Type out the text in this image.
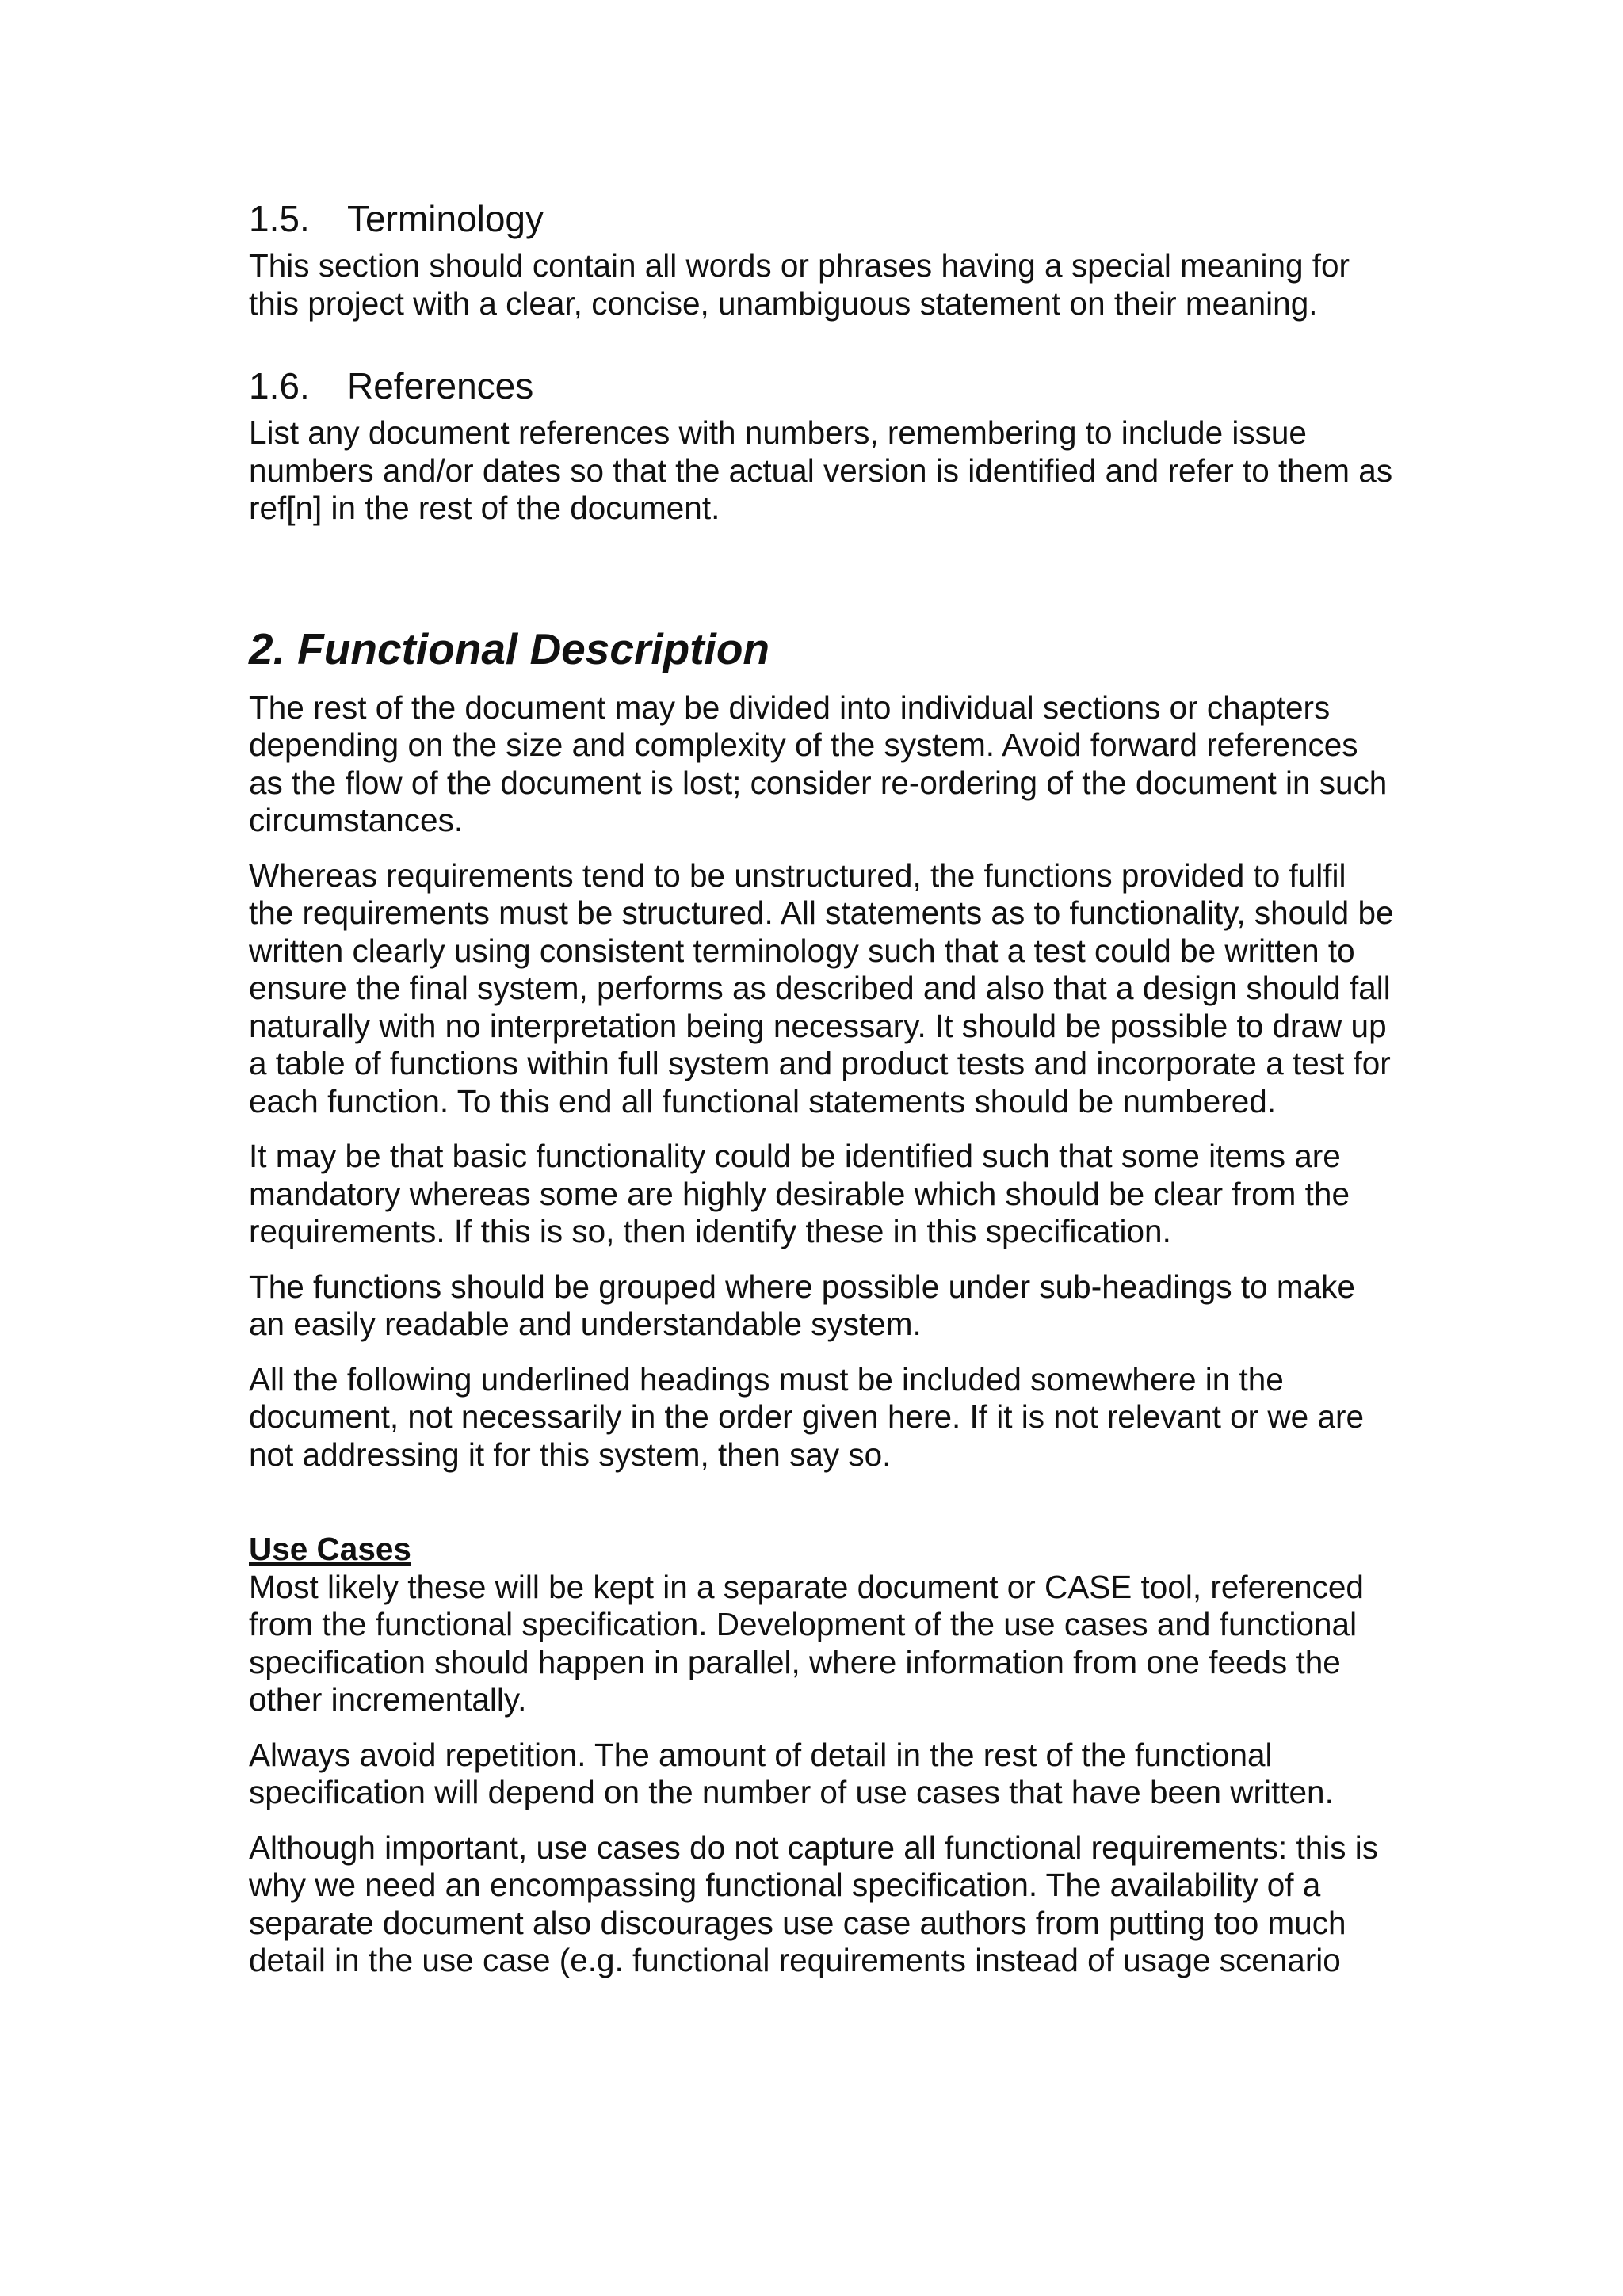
1.5. Terminology

This section should contain all words or phrases having a special meaning for this project with a clear, concise, unambiguous statement on their meaning.

1.6. References

List any document references with numbers, remembering to include issue numbers and/or dates so that the actual version is identified and refer to them as ref[n] in the rest of the document.

2. Functional Description

The rest of the document may be divided into individual sections or chapters depending on the size and complexity of the system. Avoid forward references as the flow of the document is lost; consider re-ordering of the document in such circumstances.

Whereas requirements tend to be unstructured, the functions provided to fulfil the requirements must be structured. All statements as to functionality, should be written clearly using consistent terminology such that a test could be written to ensure the final system, performs as described and also that a design should fall naturally with no interpretation being necessary. It should be possible to draw up a table of functions within full system and product tests and incorporate a test for each function. To this end all functional statements should be numbered.

It may be that basic functionality could be identified such that some items are mandatory whereas some are highly desirable which should be clear from the requirements. If this is so, then identify these in this specification.

The functions should be grouped where possible under sub-headings to make an easily readable and understandable system.

All the following underlined headings must be included somewhere in the document, not necessarily in the order given here. If it is not relevant or we are not addressing it for this system, then say so.

Use Cases

Most likely these will be kept in a separate document or CASE tool, referenced from the functional specification. Development of the use cases and functional specification should happen in parallel, where information from one feeds the other incrementally.

Always avoid repetition. The amount of detail in the rest of the functional specification will depend on the number of use cases that have been written.

Although important, use cases do not capture all functional requirements: this is why we need an encompassing functional specification. The availability of a separate document also discourages use case authors from putting too much detail in the use case (e.g. functional requirements instead of usage scenario
